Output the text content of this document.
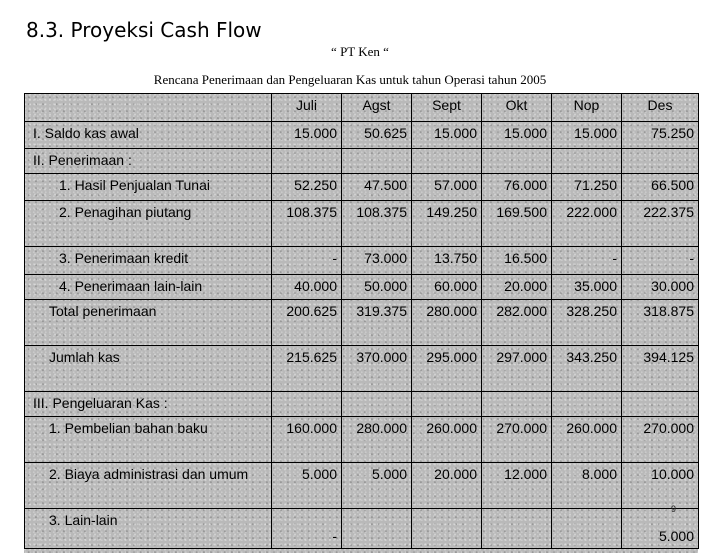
8.3. Proyeksi Cash Flow
“ PT Ken “
Rencana Penerimaan dan Pengeluaran Kas untuk tahun Operasi tahun 2005
	Juli	Agst	Sept	Okt	Nop	Des
I. Saldo kas awal	15.000	50.625	15.000	15.000	15.000	75.250
II. Penerimaan :						
1. Hasil Penjualan Tunai	52.250	47.500	57.000	76.000	71.250	66.500
2. Penagihan piutang	108.375	108.375	149.250	169.500	222.000	222.375
3. Penerimaan kredit	-	73.000	13.750	16.500	-	-
4. Penerimaan lain-lain	40.000	50.000	60.000	20.000	35.000	30.000
Total penerimaan	200.625	319.375	280.000	282.000	328.250	318.875
Jumlah kas	215.625	370.000	295.000	297.000	343.250	394.125
III. Pengeluaran Kas :						
1. Pembelian bahan baku	160.000	280.000	260.000	270.000	260.000	270.000
2. Biaya administrasi dan umum	5.000	5.000	20.000	12.000	8.000	10.000
3. Lain-lain	-					5.000
9
